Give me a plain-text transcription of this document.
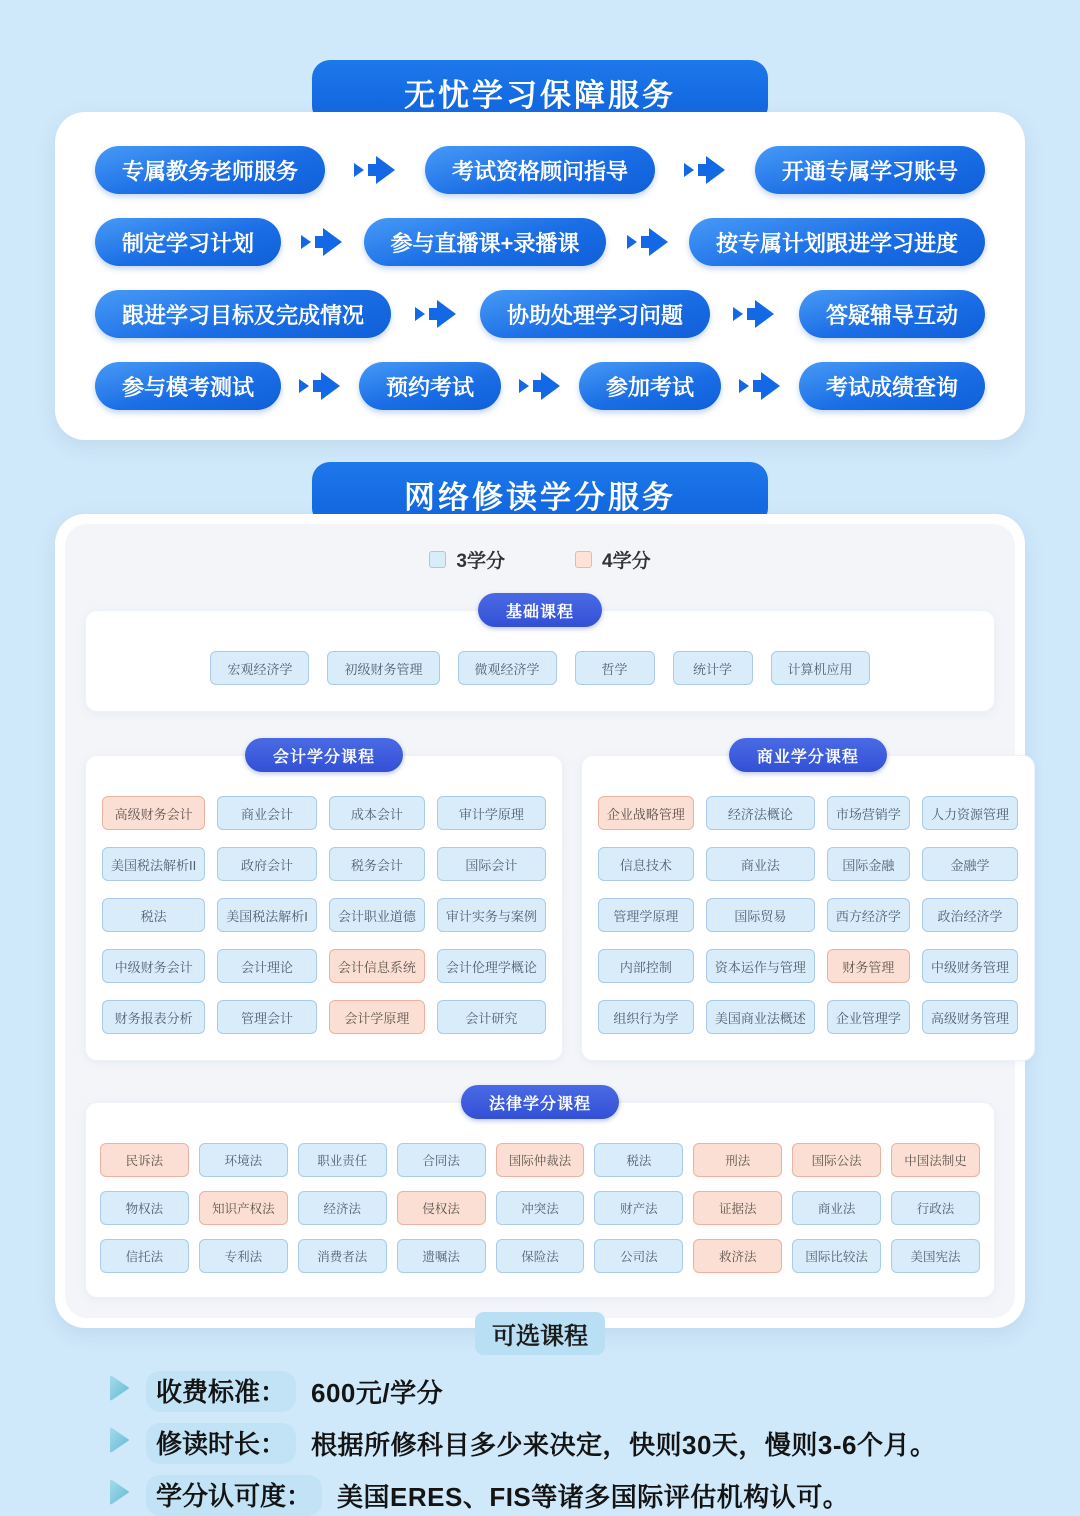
无忧学习保障服务
专属教务老师服务	考试资格顾问指导	开通专属学习账号
制定学习计划	参与直播课+录播课	按专属计划跟进学习进度
跟进学习目标及完成情况	协助处理学习问题	答疑辅导互动
参与模考测试	预约考试	参加考试	考试成绩查询
网络修读学分服务
3学分	4学分
基础课程
宏观经济学	初级财务管理	微观经济学	哲学	统计学	计算机应用
会计学分课程
高级财务会计	商业会计	成本会计	审计学原理
美国税法解析II	政府会计	税务会计	国际会计
税法	美国税法解析I	会计职业道德	审计实务与案例
中级财务会计	会计理论	会计信息系统	会计伦理学概论
财务报表分析	管理会计	会计学原理	会计研究
商业学分课程
企业战略管理	经济法概论	市场营销学	人力资源管理
信息技术	商业法	国际金融	金融学
管理学原理	国际贸易	西方经济学	政治经济学
内部控制	资本运作与管理	财务管理	中级财务管理
组织行为学	美国商业法概述	企业管理学	高级财务管理
法律学分课程
民诉法	环境法	职业责任	合同法	国际仲裁法	税法	刑法	国际公法	中国法制史
物权法	知识产权法	经济法	侵权法	冲突法	财产法	证据法	商业法	行政法
信托法	专利法	消费者法	遗嘱法	保险法	公司法	救济法	国际比较法	美国宪法
可选课程
收费标准： 600元/学分
修读时长： 根据所修科目多少来决定，快则30天，慢则3-6个月。
学分认可度： 美国ERES、FIS等诸多国际评估机构认可。
